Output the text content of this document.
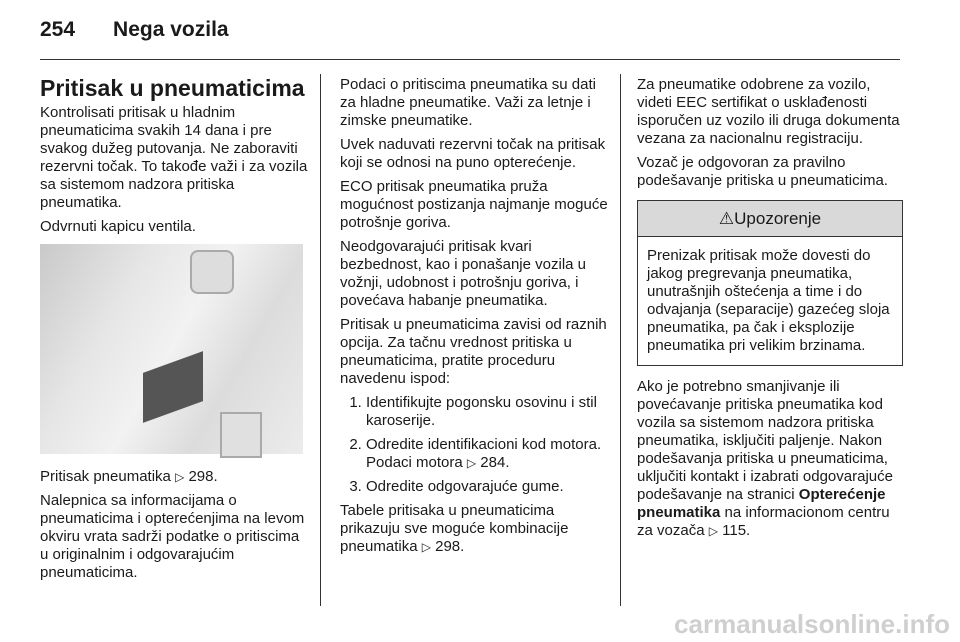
254 Nega vozila
Pritisak u pneumaticima

Kontrolisati pritisak u hladnim pneumaticima svakih 14 dana i pre svakog dužeg putovanja. Ne zaboraviti rezervni točak. To takođe važi i za vozila sa sistemom nadzora pritiska pneumatika.

Odvrnuti kapicu ventila.

Pritisak pneumatika ▷ 298.

Nalepnica sa informacijama o pneumaticima i opterećenjima na levom okviru vrata sadrži podatke o pritiscima u originalnim i odgovarajućim pneumaticima.

Podaci o pritiscima pneumatika su dati za hladne pneumatike. Važi za letnje i zimske pneumatike.

Uvek naduvati rezervni točak na pritisak koji se odnosi na puno opterećenje.

ECO pritisak pneumatika pruža mogućnost postizanja najmanje moguće potrošnje goriva.

Neodgovarajući pritisak kvari bezbednost, kao i ponašanje vozila u vožnji, udobnost i potrošnju goriva, i povećava habanje pneumatika.

Pritisak u pneumaticima zavisi od raznih opcija. Za tačnu vrednost pritiska u pneumaticima, pratite proceduru navedenu ispod:

1. Identifikujte pogonsku osovinu i stil karoserije.
2. Odredite identifikacioni kod motora. Podaci motora ▷ 284.
3. Odredite odgovarajuće gume.

Tabele pritisaka u pneumaticima prikazuju sve moguće kombinacije pneumatika ▷ 298.

Za pneumatike odobrene za vozilo, videti EEC sertifikat o usklađenosti isporučen uz vozilo ili druga dokumenta vezana za nacionalnu registraciju.

Vozač je odgovoran za pravilno podešavanje pritiska u pneumaticima.

⚠Upozorenje
Prenizak pritisak može dovesti do jakog pregrevanja pneumatika, unutrašnjih oštećenja a time i do odvajanja (separacije) gazećeg sloja pneumatika, pa čak i eksplozije pneumatika pri velikim brzinama.

Ako je potrebno smanjivanje ili povećavanje pritiska pneumatika kod vozila sa sistemom nadzora pritiska pneumatika, isključiti paljenje. Nakon podešavanja pritiska u pneumaticima, uključiti kontakt i izabrati odgovarajuće podešavanje na stranici Opterećenje pneumatika na informacionom centru za vozača ▷ 115.

carmanualsonline.info
